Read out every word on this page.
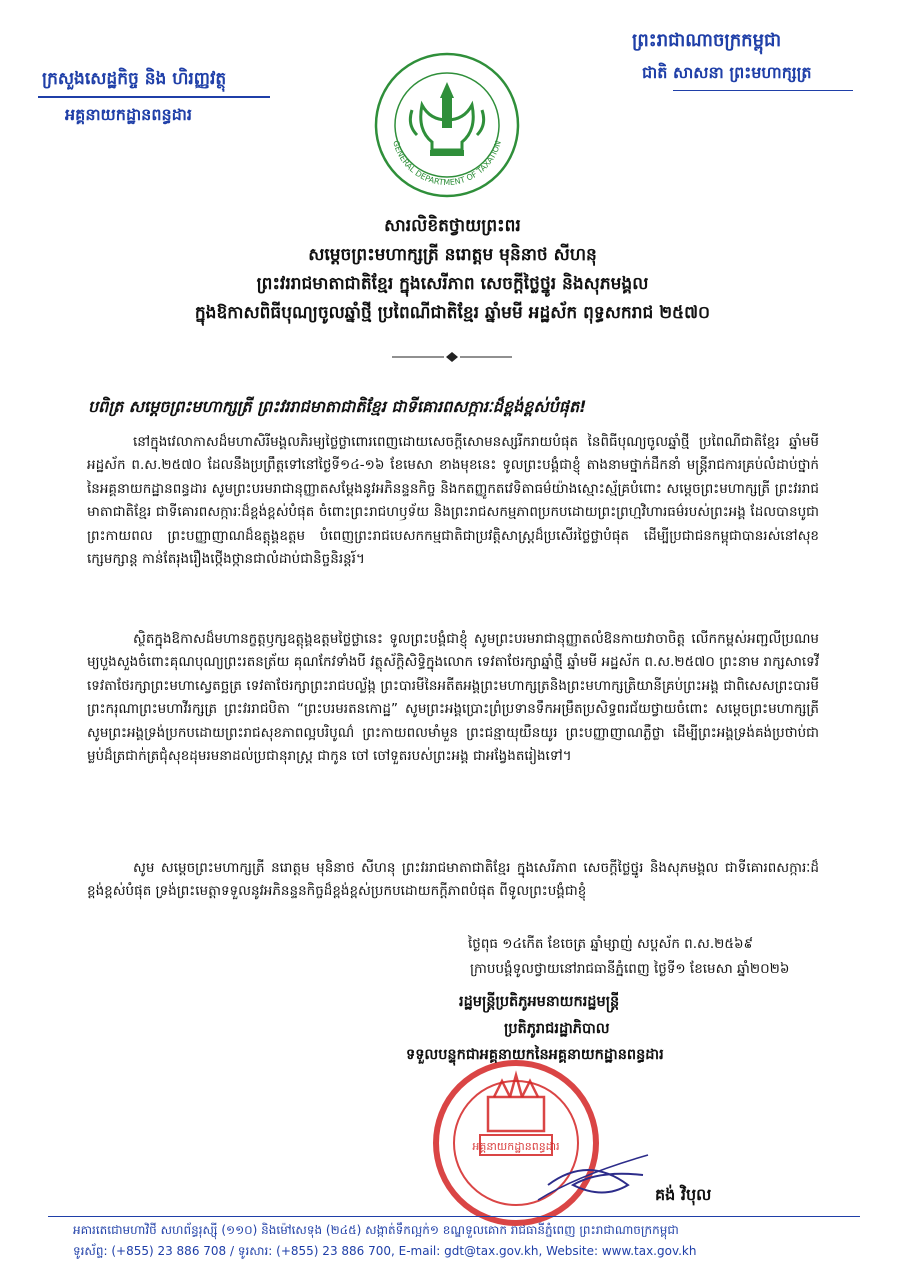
ក្រសួងសេដ្ឋកិច្ច និង ហិរញ្ញវត្ថុ
អគ្គនាយកដ្ឋានពន្ធដារ
ព្រះរាជាណាចក្រកម្ពុជា
ជាតិ សាសនា ព្រះមហាក្សត្រ
GENERAL DEPARTMENT OF TAXATION
សារលិខិតថ្វាយព្រះពរ
សម្ដេចព្រះមហាក្សត្រី នរោត្ដម មុនិនាថ សីហនុ
ព្រះវររាជមាតាជាតិខ្មែរ ក្នុងសេរីភាព សេចក្ដីថ្លៃថ្នូរ និងសុភមង្គល
ក្នុងឱកាសពិធីបុណ្យចូលឆ្នាំថ្មី ប្រពៃណីជាតិខ្មែរ ឆ្នាំមមី អដ្ឋស័ក ពុទ្ធសករាជ ២៥៧០
បពិត្រ សម្ដេចព្រះមហាក្សត្រី ព្រះវររាជមាតាជាតិខ្មែរ ជាទីគោរពសក្ការៈដ៏ខ្ពង់ខ្ពស់បំផុត!
នៅក្នុងវេលាកាសដ៏មហាសិរីមង្គលភិរម្យថ្លៃថ្លាពោរពេញដោយសេចក្ដីសោមនស្សរីករាយបំផុត នៃពិធីបុណ្យចូលឆ្នាំថ្មី ប្រពៃណីជាតិខ្មែរ ឆ្នាំមមី អដ្ឋស័ក ព.ស.២៥៧០ ដែលនឹងប្រព្រឹត្តទៅនៅថ្ងៃទី១៤-១៦ ខែមេសា ខាងមុខនេះ ទូលព្រះបង្គំជាខ្ញុំ តាងនាមថ្នាក់ដឹកនាំ មន្ត្រីរាជការគ្រប់លំដាប់ថ្នាក់នៃអគ្គនាយកដ្ឋានពន្ធដារ សូមព្រះបរមរាជានុញ្ញាតសម្ដែងនូវអភិនន្ទនកិច្ច និងកតញ្ញូកតវេទិតាធម៌យ៉ាងស្មោះស្ម័គ្របំពោះ សម្ដេចព្រះមហាក្សត្រី ព្រះវររាជមាតាជាតិខ្មែរ ជាទីគោរពសក្ការៈដ៏ខ្ពង់ខ្ពស់បំផុត ចំពោះព្រះរាជហឫទ័យ និងព្រះរាជសកម្មភាពប្រកបដោយព្រះព្រហ្មវិហារធម៌របស់ព្រះអង្គ ដែលបានបូជាព្រះកាយពល ព្រះបញ្ញាញាណដ៏ឧត្ដុង្គឧត្ដម បំពេញព្រះរាជបេសកកម្មជាតិជាប្រវត្តិសាស្ត្រដ៏ប្រសើរថ្លៃថ្លាបំផុត ដើម្បីប្រជាជនកម្ពុជាបានរស់នៅសុខក្សេមក្សាន្ត កាន់តែរុងរឿងថ្កើងថ្កានជាលំដាប់ជានិច្ចនិរន្តរ៍។
ស្ថិតក្នុងឱកាសដ៏មហានក្ខត្តឫក្សឧត្ដុង្គឧត្ដមថ្លៃថ្លានេះ ទូលព្រះបង្គំជាខ្ញុំ សូមព្រះបរមរាជានុញ្ញាតលំឱនកាយវាចាចិត្ត លើកកម្ពស់អញ្ជលីប្រណមម្យបួងសួងចំពោះគុណបុណ្យព្រះរតនត្រ័យ គុណកែវទាំងបី វត្ថុស័ក្ដិសិទ្ធិក្នុងលោក ទេវតាថែរក្សាឆ្នាំថ្មី ឆ្នាំមមី អដ្ឋស័ក ព.ស.២៥៧០ ព្រះនាម រាក្សសាទេវី ទេវតាថែរក្សាព្រះមហាស្វេតច្ឆត្រ ទេវតាថែរក្សាព្រះរាជបល្ល័ង្ក ព្រះបារមីនៃអតីតអង្គព្រះមហាក្សត្រនិងព្រះមហាក្សត្រិយានីគ្រប់ព្រះអង្គ ជាពិសេសព្រះបារមីព្រះករុណាព្រះមហាវីរក្សត្រ ព្រះវររាជបិតា “ព្រះបរមរតនកោដ្ឋ” សូមព្រះអង្គប្រោះព្រំប្រទានទឹកអម្រឹតប្រសិទ្ធពរជ័យថ្វាយចំពោះ សម្ដេចព្រះមហាក្សត្រី សូមព្រះអង្គទ្រង់ប្រកបដោយព្រះរាជសុខភាពល្អបរិបូណ៌ ព្រះកាយពលមាំមួន ព្រះជន្មាយុយឺនយូរ ព្រះបញ្ញាញាណភ្លឺថ្លា ដើម្បីព្រះអង្គទ្រង់គង់ប្រថាប់ជាម្លប់ដ៏ត្រជាក់ត្រជុំសុខដុមរមនាដល់ប្រជានុរាស្ត្រ ជាកូន ចៅ ចៅទួតរបស់ព្រះអង្គ ជាអង្វែងតរៀងទៅ។
សូម សម្ដេចព្រះមហាក្សត្រី នរោត្ដម មុនិនាថ សីហនុ ព្រះវររាជមាតាជាតិខ្មែរ ក្នុងសេរីភាព សេចក្ដីថ្លៃថ្នូរ និងសុភមង្គល ជាទីគោរពសក្ការៈដ៏ខ្ពង់ខ្ពស់បំផុត ទ្រង់ព្រះមេត្តាទទួលនូវអភិនន្ទនកិច្ចដ៏ខ្ពង់ខ្ពស់ប្រកបដោយកក្តីភាពបំផុត ពីទូលព្រះបង្គំជាខ្ញុំ
ថ្ងៃពុធ ១៤កើត ខែចេត្រ ឆ្នាំម្សាញ់ សប្តស័ក ព.ស.២៥៦៩
ក្រាបបង្គំទូលថ្វាយនៅរាជធានីភ្នំពេញ ថ្ងៃទី១ ខែមេសា ឆ្នាំ២០២៦
អគ្គនាយកដ្ឋានពន្ធដារ
រដ្ឋមន្ត្រីប្រតិភូអមនាយករដ្ឋមន្ត្រី
ប្រតិភូរាជរដ្ឋាភិបាល
ទទួលបន្ទុកជាអគ្គនាយកនៃអគ្គនាយកដ្ឋានពន្ធដារ
គង់ វិបុល
អគារតេជោមហាវិថី សហព័ន្ធរុស្ស៊ី (១១០) និងម៉ៅសេទុង (២៤៥) សង្កាត់ទឹកល្អក់១ ខណ្ឌទួលគោក រាជធានីភ្នំពេញ ព្រះរាជាណាចក្រកម្ពុជា
ទូរស័ព្ទ: (+855) 23 886 708 / ទូរសារ: (+855) 23 886 700, E-mail: gdt@tax.gov.kh, Website: www.tax.gov.kh
